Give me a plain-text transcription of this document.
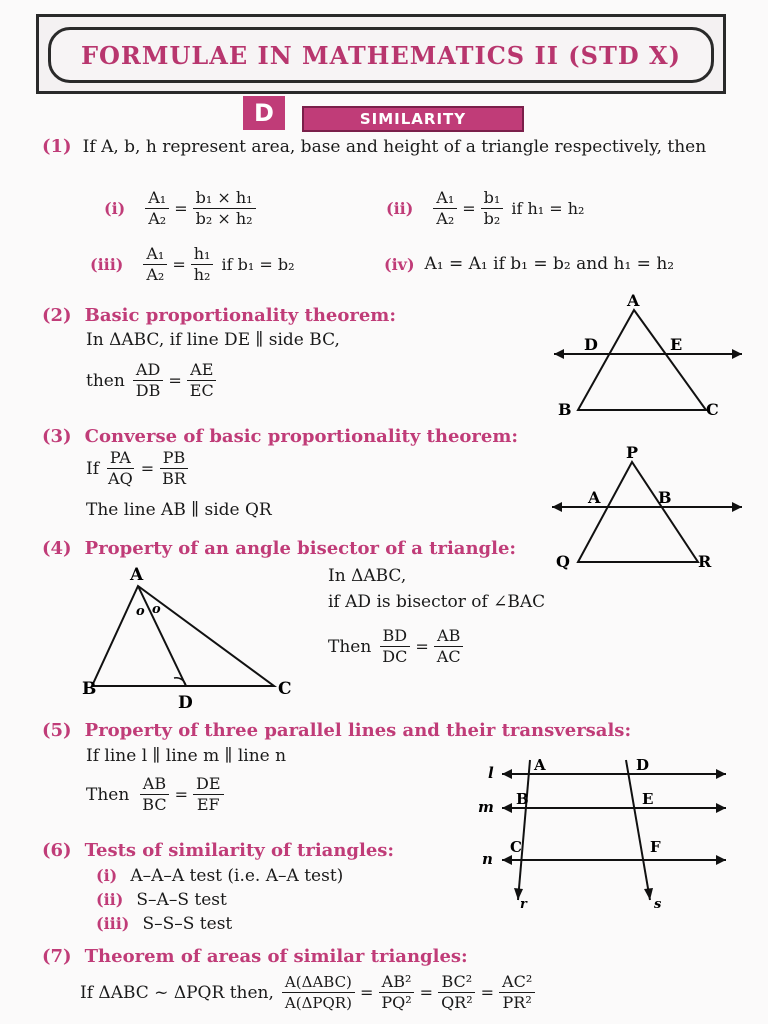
FORMULAE IN MATHEMATICS II (STD X)
D	SIMILARITY
(1) If A, b, h represent area, base and height of a triangle respectively, then
$(i) \frac{\text{A₁}}{\text{A₂}} = \frac{\text{b₁ × h₁}}{\text{b₂ × h₂}}$	$(ii) \frac{\text{A₁}}{\text{A₂}} = \frac{\text{b₁}}{\text{b₂}}$ if h₁ = h₂
$(iii) \frac{\text{A₁}}{\text{A₂}} = \frac{\text{h₁}}{\text{h₂}}$ if b₁ = b₂	(iv) A₁ = A₁ if b₁ = b₂ and h₁ = h₂
(2) Basic proportionality theorem:
In ΔABC, if line DE ∥ side BC,
then $\frac{AD}{DB} = \frac{AE}{EC}$
A
B	C
D	E
(3) Converse of basic proportionality theorem:
If $\frac{PA}{AQ} = \frac{PB}{BR}$
The line AB ∥ side QR
P
A	B
Q	R
(4) Property of an angle bisector of a triangle:
A
B	C
D
o o
In ΔABC,
if AD is bisector of ∠BAC
Then $\frac{BD}{DC} = \frac{AB}{AC}$
(5) Property of three parallel lines and their transversals:
If line l ∥ line m ∥ line n
Then $\frac{AB}{BC} = \frac{DE}{EF}$
l
m
n
A
B
C
D
E
F
r	s
(6) Tests of similarity of triangles:
(i) A–A–A test (i.e. A–A test)
(ii) S–A–S test
(iii) S–S–S test
(7) Theorem of areas of similar triangles:
If ΔABC ~ ΔPQR then, $\frac{\text{A(ΔABC)}}{\text{A(ΔPQR)}} = \frac{\text{AB²}}{\text{PQ²}} = \frac{\text{BC²}}{\text{QR²}} = \frac{\text{AC²}}{\text{PR²}}$
